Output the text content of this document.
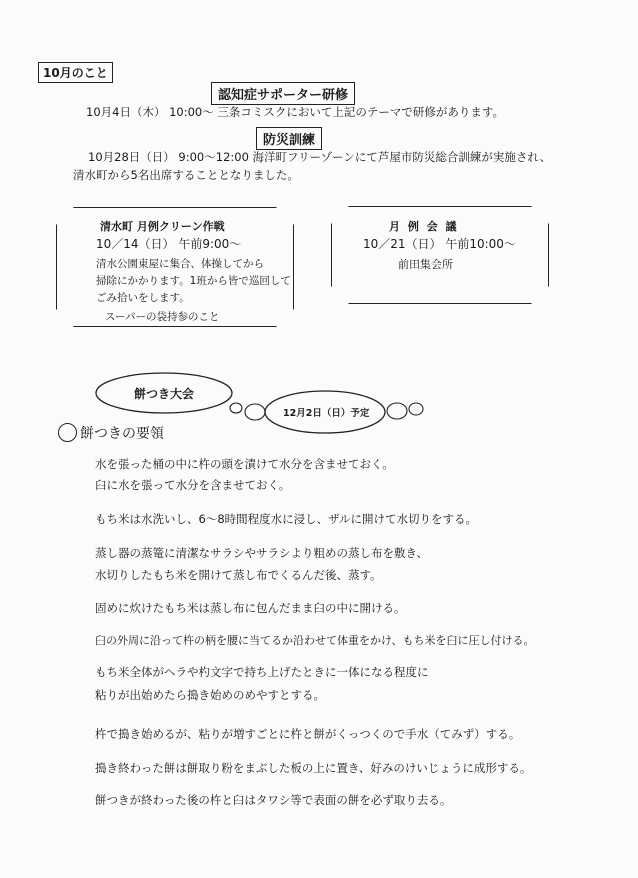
10月のこと
認知症サポーター研修
10月4日（木） 10:00～ 三条コミスクにおいて上記のテーマで研修があります。
防災訓練
10月28日（日） 9:00～12:00 海洋町フリーゾーンにて芦屋市防災総合訓練が実施され、
清水町から5名出席することとなりました。
清水町 月例クリーン作戦
10／14（日） 午前9:00～
清水公園東屋に集合、体操してから
掃除にかかります。1班から皆で巡回して
ごみ拾いをします。
スーパーの袋持参のこと
月 例 会 議
10／21（日） 午前10:00～
前田集会所
餅つき大会
12月2日（日）予定
餅つきの要領
水を張った桶の中に杵の頭を漬けて水分を含ませておく。
臼に水を張って水分を含ませておく。
もち米は水洗いし、6～8時間程度水に浸し、ザルに開けて水切りをする。
蒸し器の蒸篭に清潔なサラシやサラシより粗めの蒸し布を敷き、
水切りしたもち米を開けて蒸し布でくるんだ後、蒸す。
固めに炊けたもち米は蒸し布に包んだまま臼の中に開ける。
臼の外周に沿って杵の柄を腰に当てるか沿わせて体重をかけ、もち米を臼に圧し付ける。
もち米全体がヘラや杓文字で持ち上げたときに一体になる程度に
粘りが出始めたら搗き始めのめやすとする。
杵で搗き始めるが、粘りが増すごとに杵と餅がくっつくので手水（てみず）する。
搗き終わった餅は餅取り粉をまぶした板の上に置き、好みのけいじょうに成形する。
餅つきが終わった後の杵と臼はタワシ等で表面の餅を必ず取り去る。
